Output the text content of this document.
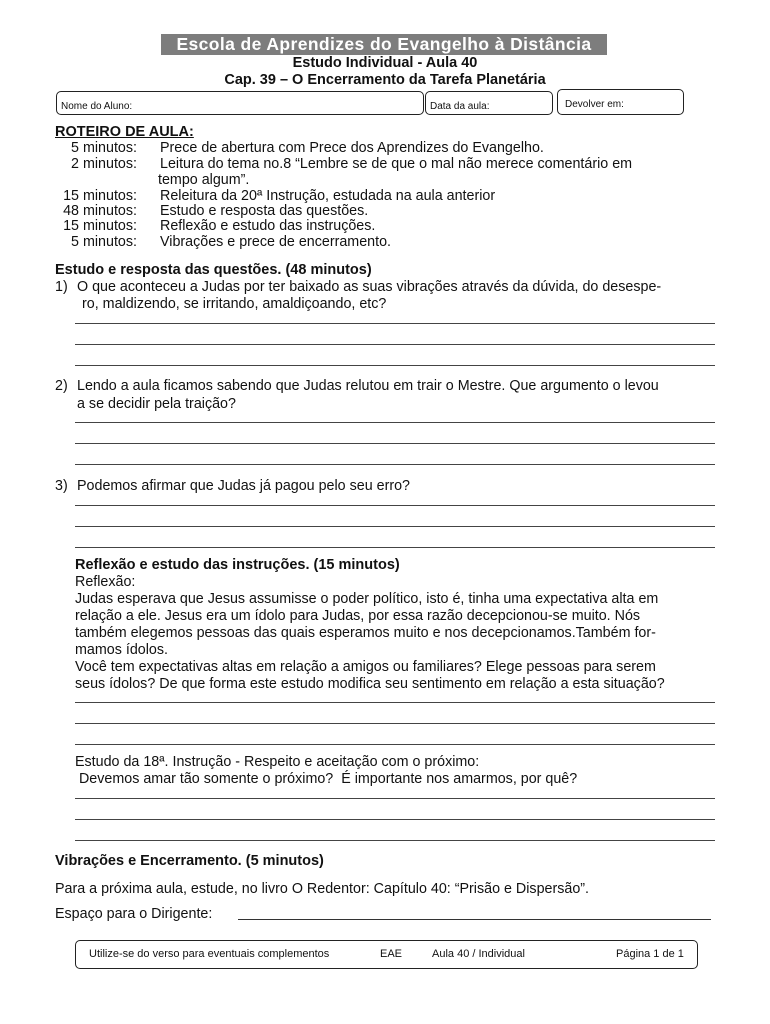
Escola de Aprendizes do Evangelho à Distância
Estudo Individual - Aula 40
Cap. 39 – O Encerramento da Tarefa Planetária
Nome do Aluno:	Data da aula:	Devolver em:
ROTEIRO DE AULA:
5 minutos: Prece de abertura com Prece dos Aprendizes do Evangelho.
2 minutos: Leitura do tema no.8 “Lembre se de que o mal não merece comentário em
tempo algum”.
15 minutos: Releitura da 20ª Instrução, estudada na aula anterior
48 minutos: Estudo e resposta das questões.
15 minutos: Reflexão e estudo das instruções.
5 minutos: Vibrações e prece de encerramento.
Estudo e resposta das questões. (48 minutos)
1) O que aconteceu a Judas por ter baixado as suas vibrações através da dúvida, do desespe-
ro, maldizendo, se irritando, amaldiçoando, etc?
2) Lendo a aula ficamos sabendo que Judas relutou em trair o Mestre. Que argumento o levou
a se decidir pela traição?
3) Podemos afirmar que Judas já pagou pelo seu erro?
Reflexão e estudo das instruções. (15 minutos)
Reflexão:
Judas esperava que Jesus assumisse o poder político, isto é, tinha uma expectativa alta em
relação a ele. Jesus era um ídolo para Judas, por essa razão decepcionou-se muito. Nós
também elegemos pessoas das quais esperamos muito e nos decepcionamos.Também for-
mamos ídolos.
Você tem expectativas altas em relação a amigos ou familiares? Elege pessoas para serem
seus ídolos? De que forma este estudo modifica seu sentimento em relação a esta situação?
Estudo da 18ª. Instrução - Respeito e aceitação com o próximo:
Devemos amar tão somente o próximo?  É importante nos amarmos, por quê?
Vibrações e Encerramento. (5 minutos)
Para a próxima aula, estude, no livro O Redentor: Capítulo 40: “Prisão e Dispersão”.
Espaço para o Dirigente:
Utilize-se do verso para eventuais complementos	EAE	Aula 40 / Individual	Página 1 de 1
